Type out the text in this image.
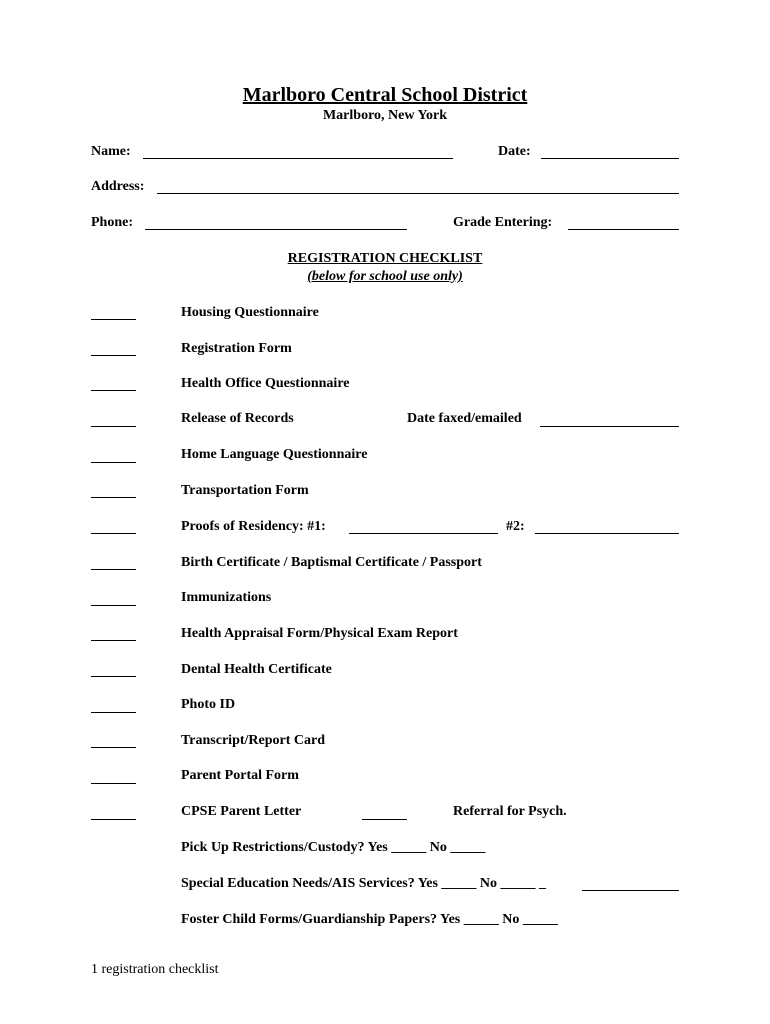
Marlboro Central School District
Marlboro, New York
Name:	Date:
Address:
Phone:	Grade Entering:
REGISTRATION CHECKLIST
(below for school use only)
Housing Questionnaire
Registration Form
Health Office Questionnaire
Release of Records	Date faxed/emailed
Home Language Questionnaire
Transportation Form
Proofs of Residency: #1:	#2:
Birth Certificate / Baptismal Certificate / Passport
Immunizations
Health Appraisal Form/Physical Exam Report
Dental Health Certificate
Photo ID
Transcript/Report Card
Parent Portal Form
CPSE Parent Letter	Referral for Psych.
Pick Up Restrictions/Custody? Yes _____ No _____
Special Education Needs/AIS Services? Yes _____ No _____ _
Foster Child Forms/Guardianship Papers? Yes _____ No _____
1 registration checklist
